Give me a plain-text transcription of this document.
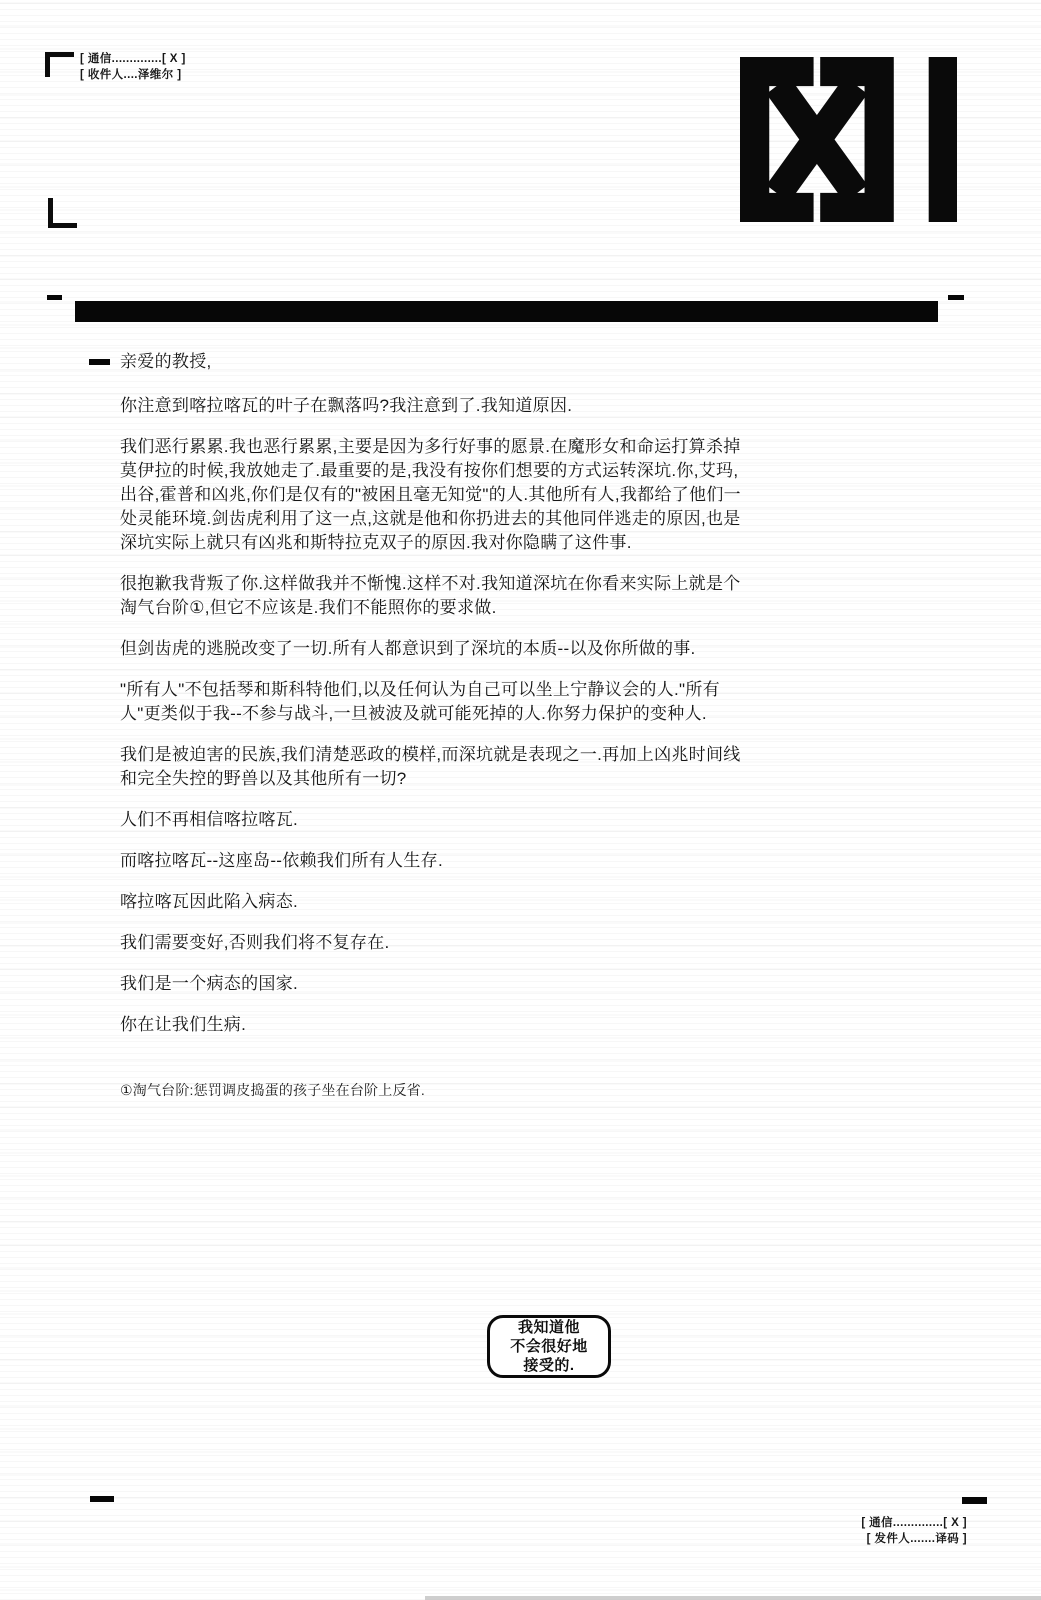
[ 通信..............[ X ]
[ 收件人....泽维尔 ]

亲爱的教授,

你注意到喀拉喀瓦的叶子在飘落吗?我注意到了.我知道原因.

我们恶行累累.我也恶行累累,主要是因为多行好事的愿景.在魔形女和命运打算杀掉莫伊拉的时候,我放她走了.最重要的是,我没有按你们想要的方式运转深坑.你,艾玛,出谷,霍普和凶兆,你们是仅有的"被困且毫无知觉"的人.其他所有人,我都给了他们一处灵能环境.剑齿虎利用了这一点,这就是他和你扔进去的其他同伴逃走的原因,也是深坑实际上就只有凶兆和斯特拉克双子的原因.我对你隐瞒了这件事.

很抱歉我背叛了你.这样做我并不惭愧.这样不对.我知道深坑在你看来实际上就是个淘气台阶①,但它不应该是.我们不能照你的要求做.

但剑齿虎的逃脱改变了一切.所有人都意识到了深坑的本质--以及你所做的事.

"所有人"不包括琴和斯科特他们,以及任何认为自己可以坐上宁静议会的人."所有人"更类似于我--不参与战斗,一旦被波及就可能死掉的人.你努力保护的变种人.

我们是被迫害的民族,我们清楚恶政的模样,而深坑就是表现之一.再加上凶兆时间线和完全失控的野兽以及其他所有一切?

人们不再相信喀拉喀瓦.

而喀拉喀瓦--这座岛--依赖我们所有人生存.

喀拉喀瓦因此陷入病态.

我们需要变好,否则我们将不复存在.

我们是一个病态的国家.

你在让我们生病.

①淘气台阶:惩罚调皮捣蛋的孩子坐在台阶上反省.

我知道他
不会很好地
接受的.
[ 通信..............[ X ]
[ 发件人.......译码 ]
